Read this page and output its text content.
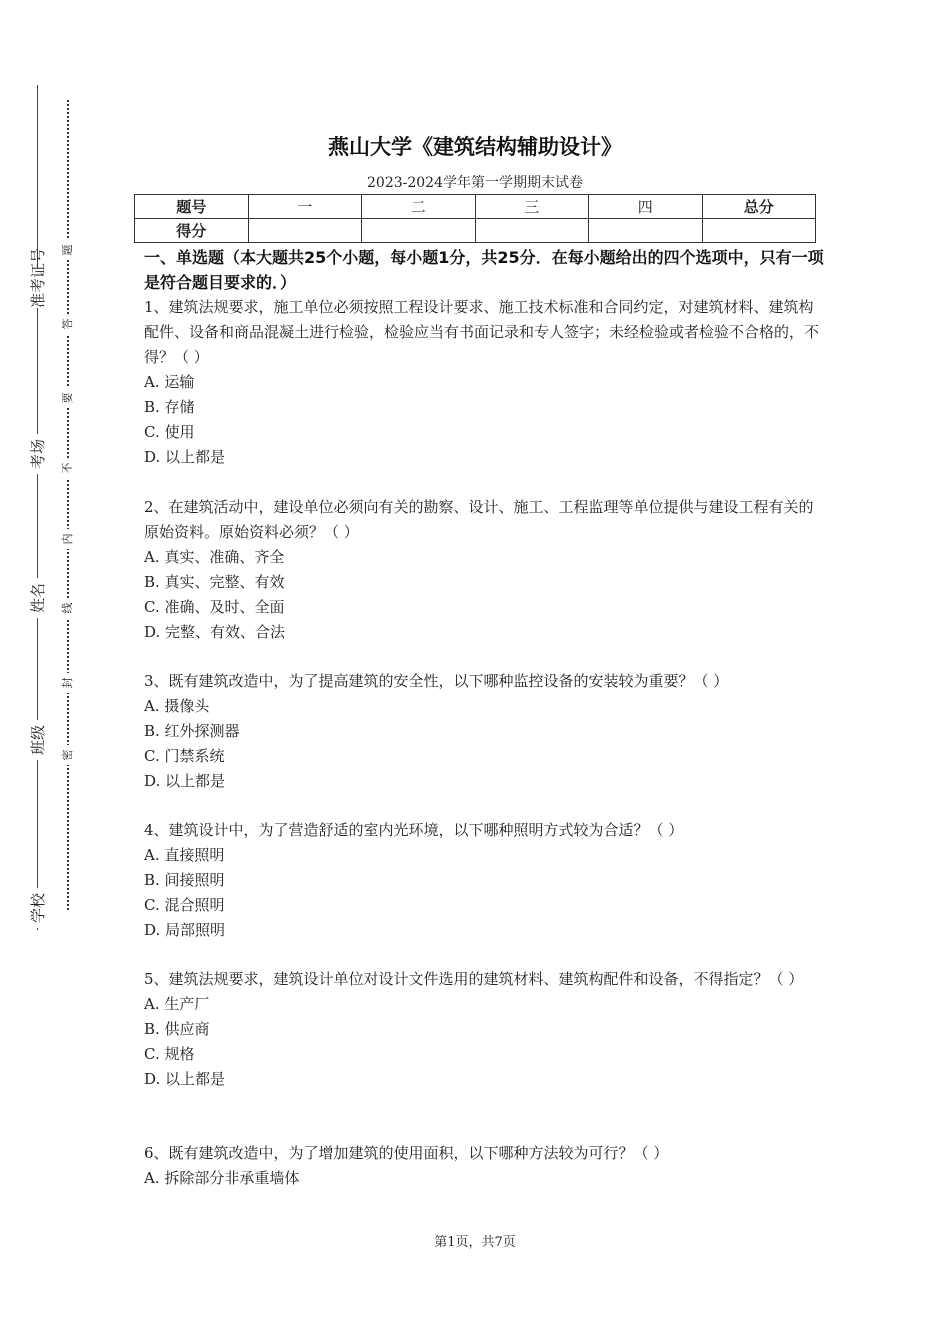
准考证号
考场
姓名
班级
学校
题
答
要
不
内
线
封
密
燕山大学《建筑结构辅助设计》
2023-2024学年第一学期期末试卷
题号	一	二	三	四	总分
得分					
一、单选题（本大题共25个小题，每小题1分，共25分．在每小题给出的四个选项中，只有一项是符合题目要求的．）

1、建筑法规要求，施工单位必须按照工程设计要求、施工技术标准和合同约定，对建筑材料、建筑构配件、设备和商品混凝土进行检验，检验应当有书面记录和专人签字；未经检验或者检验不合格的，不得？（ ）

A. 运输

B. 存储

C. 使用

D. 以上都是

2、在建筑活动中，建设单位必须向有关的勘察、设计、施工、工程监理等单位提供与建设工程有关的原始资料。原始资料必须？（ ）

A. 真实、准确、齐全

B. 真实、完整、有效

C. 准确、及时、全面

D. 完整、有效、合法

3、既有建筑改造中，为了提高建筑的安全性，以下哪种监控设备的安装较为重要？（ ）

A. 摄像头

B. 红外探测器

C. 门禁系统

D. 以上都是

4、建筑设计中，为了营造舒适的室内光环境，以下哪种照明方式较为合适？（ ）

A. 直接照明

B. 间接照明

C. 混合照明

D. 局部照明

5、建筑法规要求，建筑设计单位对设计文件选用的建筑材料、建筑构配件和设备，不得指定？（ ）

A. 生产厂

B. 供应商

C. 规格

D. 以上都是

6、既有建筑改造中，为了增加建筑的使用面积，以下哪种方法较为可行？（ ）

A. 拆除部分非承重墙体

第1页，共7页
